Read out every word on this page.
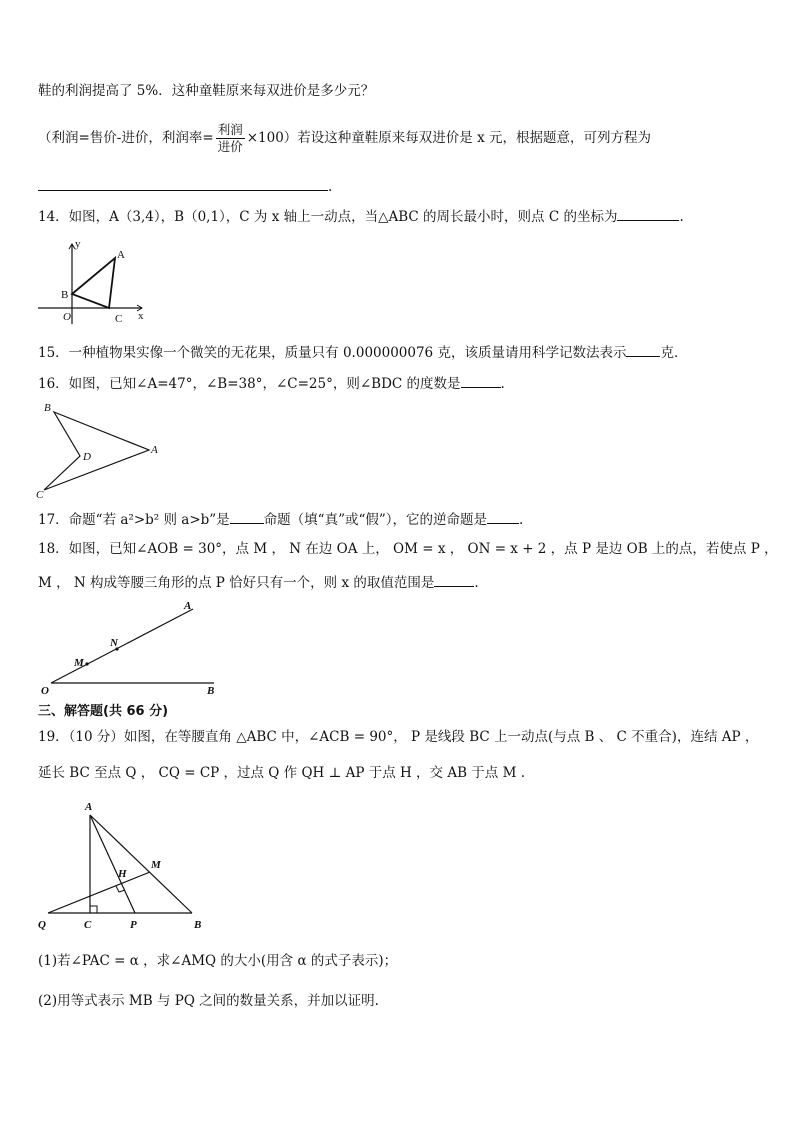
鞋的利润提高了 5%．这种童鞋原来每双进价是多少元？
（利润=售价-进价，利润率= $\frac{\text{利润}}{\text{进价}} \times 100$）若设这种童鞋原来每双进价是 x 元，根据题意，可列方程为
.
14．如图，A（3,4），B（0,1），C 为 x 轴上一动点，当△ABC 的周长最小时，则点 C 的坐标为	.
y
x
A
B
C
O
15．一种植物果实像一个微笑的无花果，质量只有 0.000000076 克，该质量请用科学记数法表示	克．
16．如图，已知∠A=47°，∠B=38°，∠C=25°，则∠BDC 的度数是	.
B
A
C
D
17．命题“若 a²>b² 则 a>b”是	命题（填“真”或“假”），它的逆命题是 .
18．如图，已知∠AOB = 30°，点 M ， N 在边 OA 上， OM = x ， ON = x + 2 ，点 P 是边 OB 上的点，若使点 P ，
M ， N 构成等腰三角形的点 P 恰好只有一个，则 x 的取值范围是	.
A
B
O
M
N
三、解答题(共 66 分)
19．（10 分）如图，在等腰直角 △ABC 中，∠ACB = 90°， P 是线段 BC 上一动点(与点 B 、 C 不重合)，连结 AP ，
延长 BC 至点 Q ， CQ = CP ，过点 Q 作 QH ⊥ AP 于点 H ，交 AB 于点 M .
A
B
C
H
M
P
Q
(1)若∠PAC = α ，求∠AMQ 的大小(用含 α 的式子表示)；
(2)用等式表示 MB 与 PQ 之间的数量关系，并加以证明.
